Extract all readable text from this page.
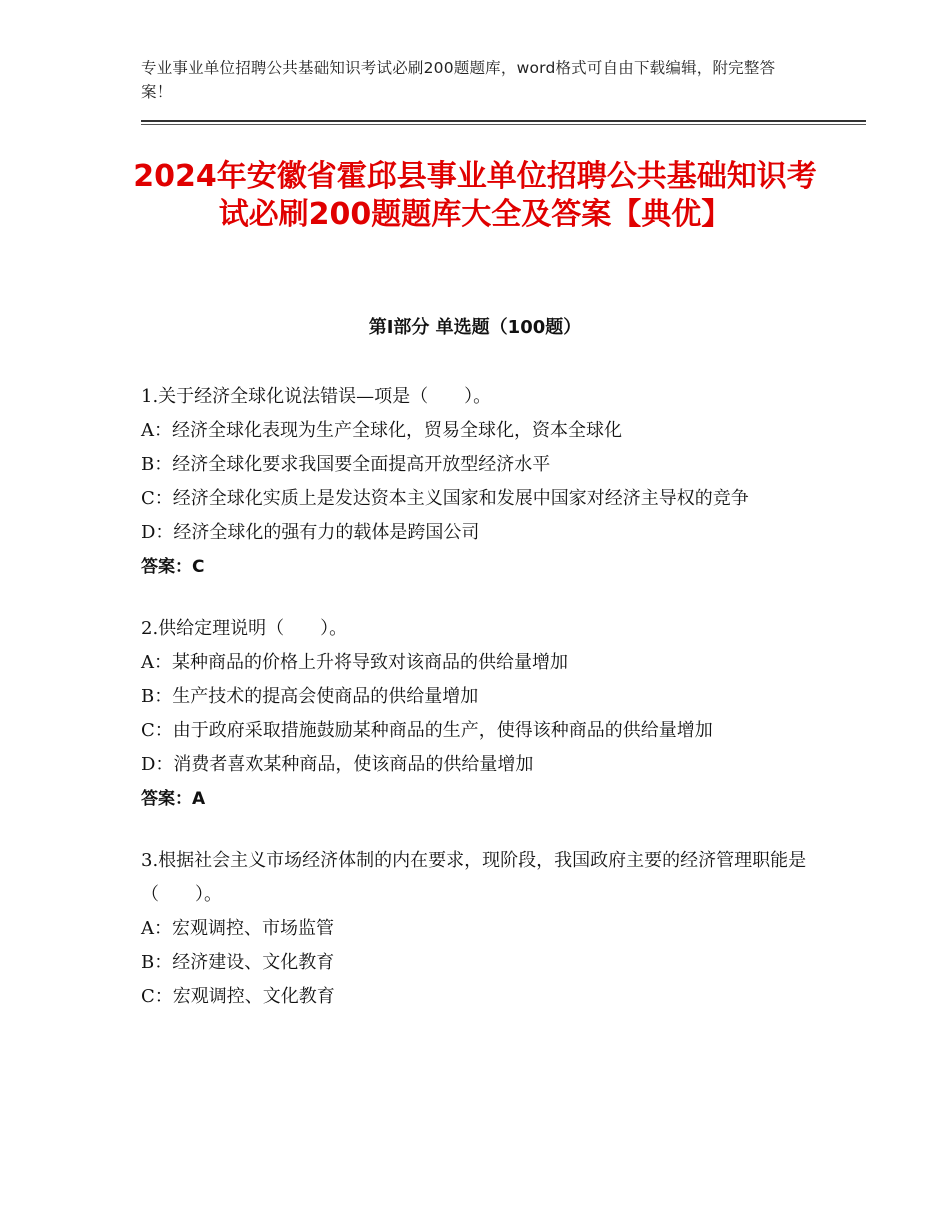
专业事业单位招聘公共基础知识考试必刷200题题库，word格式可自由下载编辑，附完整答案！
2024年安徽省霍邱县事业单位招聘公共基础知识考试必刷200题题库大全及答案【典优】
第Ⅰ部分 单选题（100题）

1.关于经济全球化说法错误—项是（　　）。

A：经济全球化表现为生产全球化，贸易全球化，资本全球化

B：经济全球化要求我国要全面提高开放型经济水平

C：经济全球化实质上是发达资本主义国家和发展中国家对经济主导权的竞争

D：经济全球化的强有力的载体是跨国公司

答案：C

2.供给定理说明（　　）。

A：某种商品的价格上升将导致对该商品的供给量增加

B：生产技术的提高会使商品的供给量增加

C：由于政府采取措施鼓励某种商品的生产，使得该种商品的供给量增加

D：消费者喜欢某种商品，使该商品的供给量增加

答案：A

3.根据社会主义市场经济体制的内在要求，现阶段，我国政府主要的经济管理职能是（　　）。

A：宏观调控、市场监管

B：经济建设、文化教育

C：宏观调控、文化教育
